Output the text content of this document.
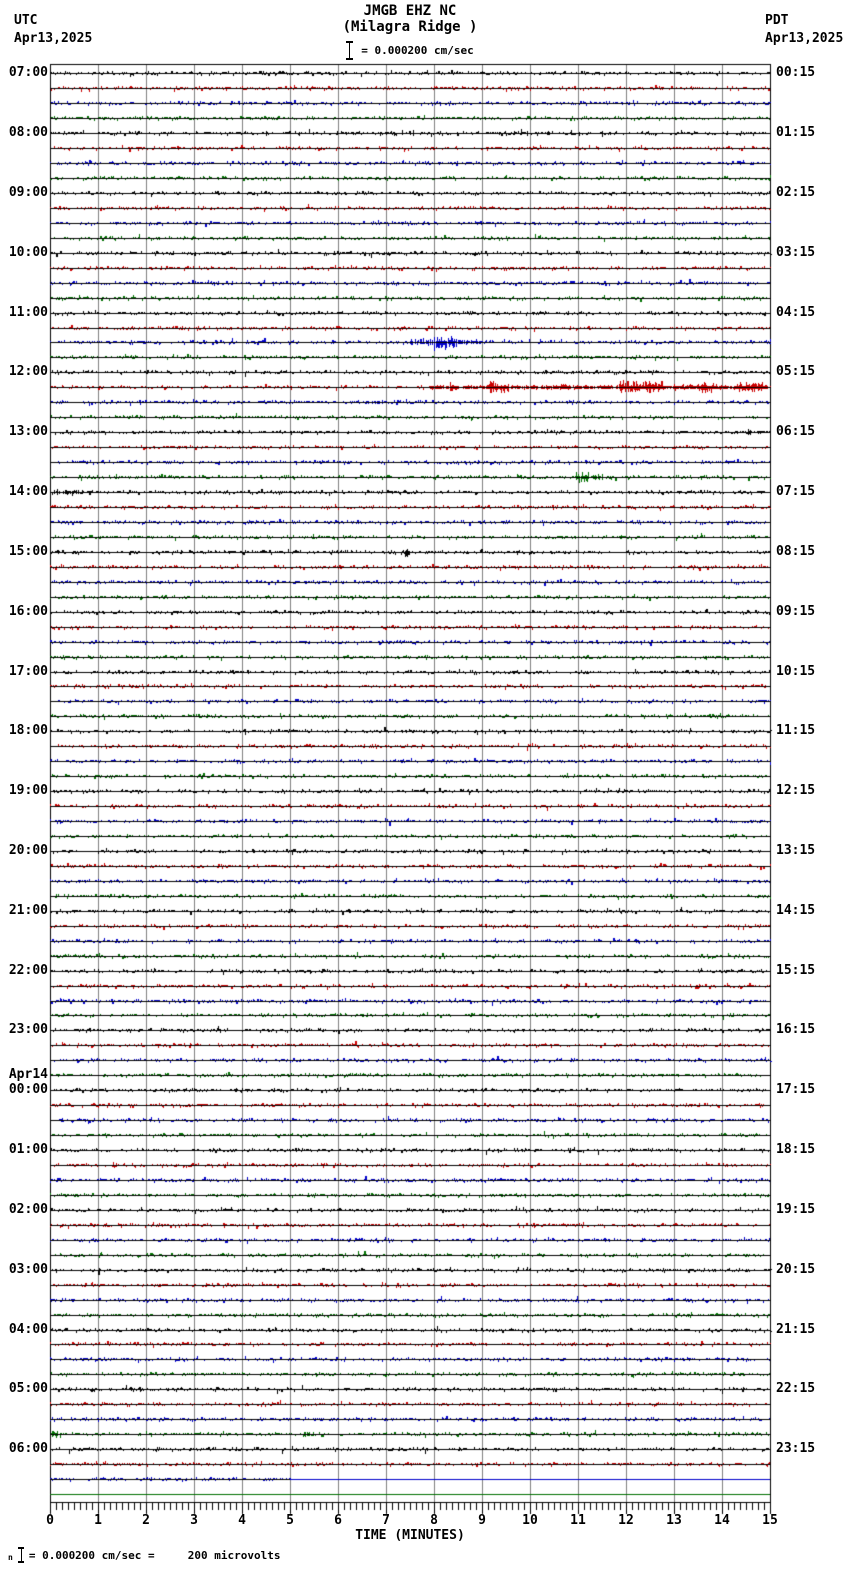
UTC
Apr13,2025
JMGB EHZ NC
(Milagra Ridge )
= 0.000200 cm/sec
PDT
Apr13,2025
07:00
08:00
09:00
10:00
11:00
12:00
13:00
14:00
15:00
16:00
17:00
18:00
19:00
20:00
21:00
22:00
23:00
00:00
01:00
02:00
03:00
04:00
05:00
06:00
Apr14
00:15
01:15
02:15
03:15
04:15
05:15
06:15
07:15
08:15
09:15
10:15
11:15
12:15
13:15
14:15
15:15
16:15
17:15
18:15
19:15
20:15
21:15
22:15
23:15
0	1	2	3	4	5	6	7	8	9	10	11	12	13	14	15
TIME (MINUTES)
n = 0.000200 cm/sec =     200 microvolts
